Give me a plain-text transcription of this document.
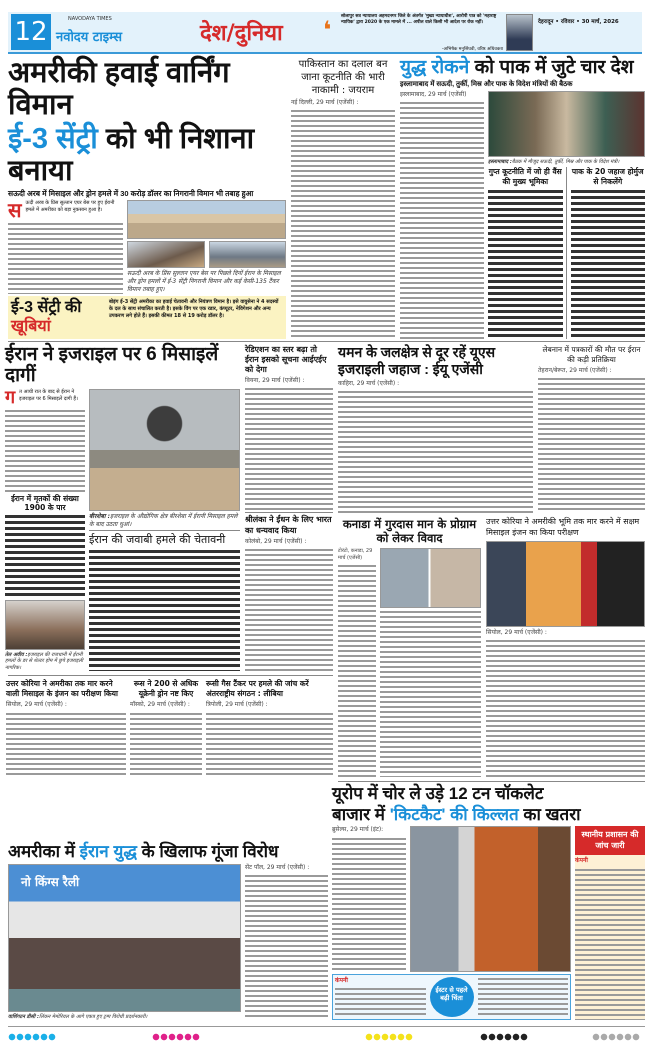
12	NAVODAYA TIMES
नवोदय टाइम्स	देश/दुनिया	❛ सोलापुर सत्र न्यायालय अहमदनगर जिले के अंतर्गत 'मुख्य न्यायाधीश', आरोपी पात्र को 'महाराष्ट्र न्यायिक' द्वारा 2020 के एक मामले में ... अपील वाले किसी भी आदेश पर रोक नहीं।
-अभिषेक मनुसिंघवी, वरिष्ठ अधिवक्ता
देहरादून • रविवार • 30 मार्च, 2026
अमरीकी हवाई वार्निंग विमान
ई-3 सेंट्री को भी निशाना बनाया
सऊदी अरब में मिसाइल और ड्रोन हमले में 30 करोड़ डॉलर का निगरानी विमान भी तबाह हुआ
स ऊदी अरब के प्रिंस सुल्तान एयर बेस पर हुए ईरानी हमले में अमरीका को बड़ा नुकसान हुआ है।
सऊदी अरब के प्रिंस सुल्तान एयर बेस पर पिछले दिनों ईरान के मिसाइल और ड्रोन हमलों में ई-3 सेंट्री निगरानी विमान और कई केसी-135 टैंकर विमान तबाह हुए।
ई-3 सेंट्री की
खूबियां
बोइंग ई-3 सेंट्री अमरीका का हवाई चेतावनी और नियंत्रण विमान है। इसे वायुसेना ने 4 सदस्यों के दल के साथ संचालित करती है। इसके विंग पर एक रडार, कंप्यूटर, नेविगेशन और अन्य उपकरण लगे होते हैं। इसकी कीमत 18 से 19 करोड़ डॉलर है।
पाकिस्तान का दलाल बन जाना कूटनीति की भारी नाकामी : जयराम
नई दिल्ली, 29 मार्च (एजेंसी) :
युद्ध रोकने को पाक में जुटे चार देश
इस्लामाबाद में सऊदी, तुर्की, मिस्र और पाक के विदेश मंत्रियों की बैठक
इस्लामाबाद, 29 मार्च (एजेंसी)
इस्लामाबाद :बैठक में मौजूद सऊदी, तुर्की, मिस्र और पाक के विदेश मंत्री।
गुप्त कूटनीति में जो ही वैंस की मुख्य भूमिका
पाक के 20 जहाज होर्मुज से निकलेंगे
ईरान ने इजराइल पर 6 मिसाइलें दागीं
ग त आधी रात के बाद से ईरान ने इजराइल पर 6 मिसाइलें दागी हैं।
ईरान में मृतकों की संख्या 1900 के पार
तेल अवीव :इजराइल की राजधानी में ईरानी हमलों के डर से शेल्टर होम में छुपे इजराइली नागरिक।
बीरशेबा :इजराइल के औद्योगिक क्षेत्र बीरशेबा में ईरानी मिसाइल हमले के बाद उठता धुआं।
ईरान की जवाबी हमले की चेतावनी
रेडिएशन का स्तर बढ़ा तो ईरान इसको सूचना आईएईए को देगा
वियना, 29 मार्च (एजेंसी) :
श्रीलंका ने ईंधन के लिए भारत का धन्यवाद किया
कोलंबो, 29 मार्च (एजेंसी) :
यमन के जलक्षेत्र से दूर रहें यूएस
इजराइली जहाज : ईयू एजेंसी
काहिरा, 29 मार्च (एजेंसी) :
लेबनान में पत्रकारों की मौत पर ईरान की कड़ी प्रतिक्रिया
तेहरान/बेरूत, 29 मार्च (एजेंसी) :
कनाडा में गुरदास मान के प्रोग्राम को लेकर विवाद
टोरंटो, कनाडा, 29 मार्च (एजेंसी)
उत्तर कोरिया ने अमरीकी भूमि तक मार करने में सक्षम मिसाइल इंजन का किया परीक्षण
सियोल, 29 मार्च (एजेंसी) :
उत्तर कोरिया ने अमरीका तक मार करने वाली मिसाइल के इंजन का परीक्षण किया
सियोल, 29 मार्च (एजेंसी) :
रूस ने 200 से अधिक यूक्रेनी ड्रोन नष्ट किए
मॉस्को, 29 मार्च (एजेंसी) :
रूसी गैस टैंकर पर हमले की जांच करें अंतरराष्ट्रीय संगठन : लीबिया
त्रिपोली, 29 मार्च (एजेंसी) :
यूरोप में चोर ले उड़े 12 टन चॉकलेट
बाजार में 'किटकैट' की किल्लत का खतरा
ब्रुसेल्स, 29 मार्च (इंट):
कंपनी
ईस्टर से पहले बढ़ी चिंता
स्थानीय प्रशासन की जांच जारी
कंपनी
अमरीका में ईरान युद्ध के खिलाफ गूंजा विरोध
नो किंग्स रैली
वाशिंगटन डीसी :लिंकन मेमोरियल के आगे एकत्र हुए ट्रम्प विरोधी प्रदर्शनकारी।
सेंट पॉल, 29 मार्च (एजेंसी) :
